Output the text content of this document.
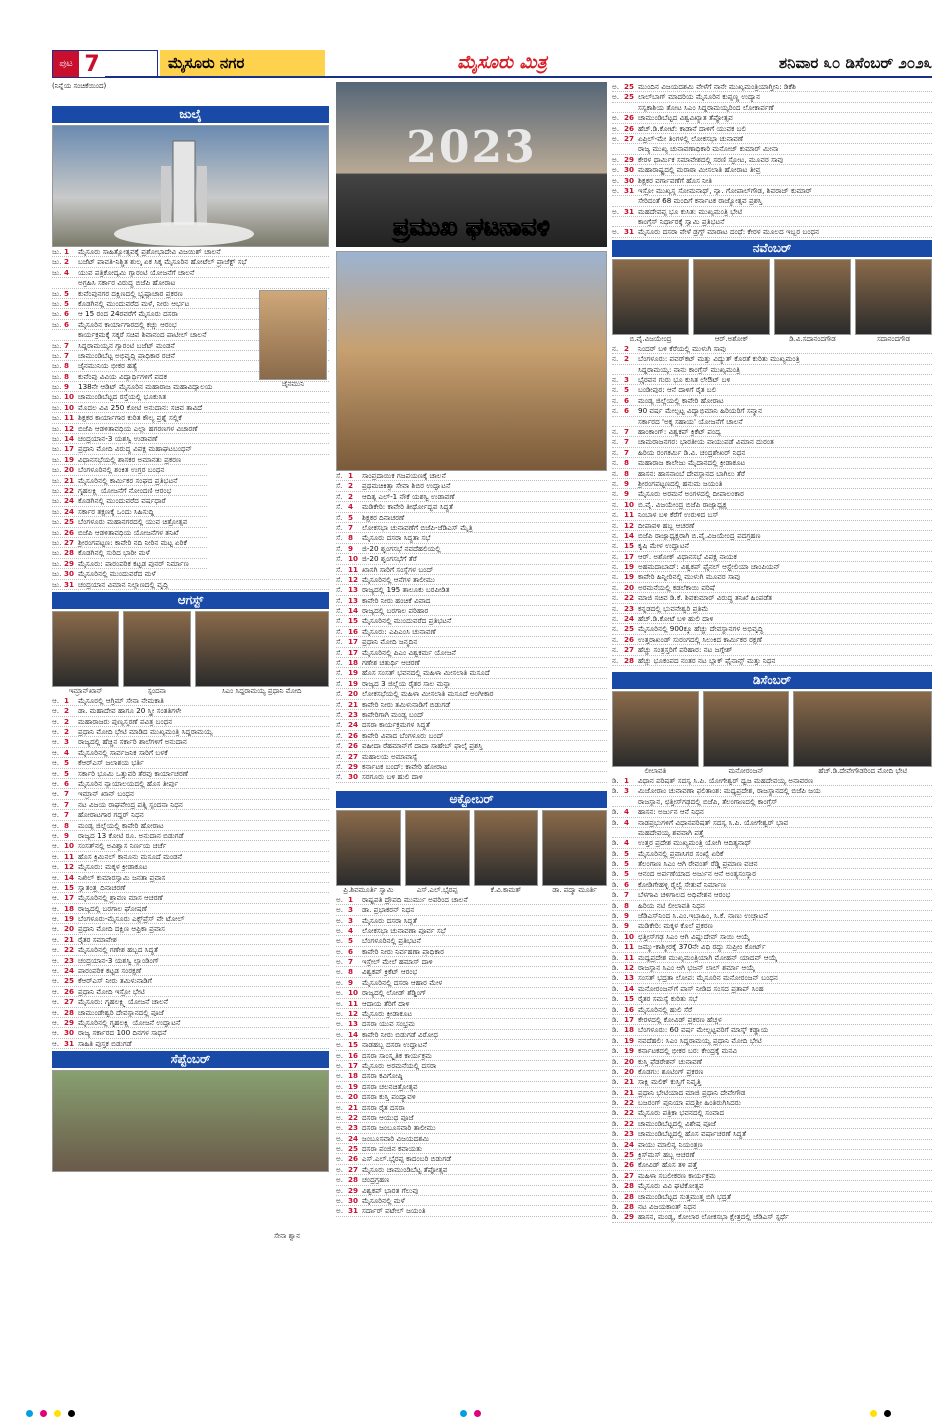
ಪುಟ 7	ಮೈಸೂರು ನಗರ	ಮೈಸೂರು ಮಿತ್ರ	ಶನಿವಾರ ೩೦ ಡಿಸೆಂಬರ್ ೨೦೨೩
(ನಿನ್ನೆಯ ಸಂಚಿಕೆಯಿಂದ)
ಜುಲೈ
ಜು. 1 ಮೈಸೂರು ಸಾಹಿತ್ಯೋತ್ಸವಕ್ಕೆ ಪ್ರಶೋಭಾದೇವಿ ವಿಜಯಿಶ್ ಚಾಲನೆ
ಜು. 2 ಬಜೆಟ್ ಪಾವತಿ-ನಿಶ್ಚಿತ ಶುಲ್ಕ ಏಕ ಸಿಕ್ಕ ಮೈಸೂರಿನ ಹೋಟೆಲ್ ಪ್ರಾಜೆಕ್ಟ್ ಸಭೆ
ಜು. 4 ಯುವ ಪತ್ರಿಕೋದ್ಯಮಿ ಗ್ಯಾರಂಟಿ ಯೋಜನೆಗೆ ಚಾಲನೆ
ಅಗ್ರಹಿಸಿ ಸರ್ಕಾರ ವಿರುದ್ಧ ಬಿಜೆಪಿ ಹೋರಾಟ
ಜು. 5 ಕುವೆಂಪುನಗರ ದಕ್ಷಿಣದಲ್ಲಿ ಭೃಷ್ಟಾಚಾರ ಪ್ರಕರಣ
ಜು. 5 ಕೊಡಗಿನಲ್ಲಿ ಮುಂದುವರೆದ ಮಳೆ, ನೀರು ಆರ್ಭಟ
ಜು. 6 ಆ 15 ರಂದ 24ರವರೆಗೆ ಮೈಸೂರು ದಸರಾ
ಜು. 6 ಮೈಸೂರಿನ ಕಾರ್ಯಾಗಾರದಲ್ಲಿ ಕಚ್ಚು ಆರಂಭ
ಕಾರ್ಯಕ್ರಮಕ್ಕೆ ಸಕ್ಕರೆ ಸಚಿವ ಶಿವಾನಂದ ಪಾಟೀಲ್ ಚಾಲನೆ
ಜು. 7 ಸಿದ್ದರಾಮಯ್ಯನ ಗ್ಯಾರಂಟಿ ಬಜೆಟ್ ಮಂಡನೆ
ಜು. 7 ಚಾಮುಂಡಿಬೆಟ್ಟ ಅಭಿವೃದ್ಧಿ ಪ್ರಾಧಿಕಾರ ರಚನೆ
ಜು. 8 ಜೈನಮುನಿಯ ಭೀಕರ ಹತ್ಯೆ
ಜು. 8 ಕುವೆಂಪು ವಿವಿಯ ವಿದ್ಯಾರ್ಥಿಗಳಿಗೆ ಪದಕ
ಜು. 9 138ನೇ ಆಡಿಟ್ ಮೈಸೂರಿನ ಮಹಾರಾಜ ಮಹಾವಿದ್ಯಾಲಯ
ಜು. 10 ಚಾಮುಂಡಿಬೆಟ್ಟದ ರಸ್ತೆಯಲ್ಲಿ ಭೂಕುಸಿತ
ಜು. 10 ಮೊದಲ ವಿವಿ 250 ಕೋಟಿ ಅನುದಾನ: ಸಚಿವ ತಾವಿದೆ
ಜು. 11 ಶಿಕ್ಷಕರ ಕಾರ್ಯಾಗಾರ ಕುರಿತ ಕೌಲ್ಯ ಪ್ರಶ್ನೆ ಸಲ್ಲಿಕೆ
ಜು. 12 ಬಿಜೆಪಿ ಆಡಳಿತಾವಧಿಯ ಎಲ್ಲಾ ಹಗರಣಗಳ ವಿಚಾರಣೆ
ಜು. 14 ಚಂದ್ರಯಾನ-3 ಯಶಸ್ವಿ ಉಡಾವಣೆ
ಜು. 17 ಪ್ರಧಾನಿ ಮೋದಿ ವಿರುದ್ಧ ವಿಪಕ್ಷ ಮಹಾಘಟಬಂಧನ್
ಜು. 19 ವಿಧಾನಸಭೆಯಲ್ಲಿ ಶಾಸಕರ ಅಮಾನತು ಪ್ರಕರಣ
ಜು. 20 ಬೆಂಗಳೂರಿನಲ್ಲಿ ಶಂಕಿತ ಉಗ್ರರ ಬಂಧನ
ಜು. 21 ಮೈಸೂರಿನಲ್ಲಿ ಕಾರ್ಮಿಕರ ಸಂಘದ ಪ್ರತಿಭಟನೆ
ಜು. 22 ಗೃಹಲಕ್ಷ್ಮಿ ಯೋಜನೆಗೆ ನೋಂದಣಿ ಆರಂಭ
ಜು. 24 ಕೊಡಗಿನಲ್ಲಿ ಮುಂದುವರೆದ ವರ್ಷಧಾರೆ
ಜು. 24 ಸರ್ಕಾರ ತಕ್ಷಣಕ್ಕೆ ಒಂದು ಸಿಹಿಸುದ್ದಿ
ಜು. 25 ಬೆಂಗಳೂರು ಮಹಾನಗರದಲ್ಲಿ ಯುವ ಚಿತ್ರೋತ್ಸವ
ಜು. 26 ಬಿಜೆಪಿ ಆಡಳಿತಾವಧಿಯ ಯೋಜನೆಗಳ ತನಿಖೆ
ಜು. 27 ಶ್ರೀರಂಗಪಟ್ಟಣ: ಕಾವೇರಿ ನದಿ ನೀರಿನ ಮಟ್ಟ ಏರಿಕೆ
ಜು. 28 ಕೊಡಗಿನಲ್ಲಿ ಸುರಿದ ಭಾರೀ ಮಳೆ
ಜು. 29 ಮೈಸೂರು: ಪಾರಂಪರಿಕ ಕಟ್ಟಡ ಪುನರ್ ನಿರ್ಮಾಣ
ಜು. 30 ಮೈಸೂರಿನಲ್ಲಿ ಮುಂದುವರೆದ ಮಳೆ
ಜು. 31 ಚಂದ್ರಯಾನ ವಿಮಾನ ನಿಲ್ದಾಣದಲ್ಲಿ ವೃದ್ಧಿ
ಜೈನಮುನಿ
ಆಗಸ್ಟ್
ಇಮ್ರಾನ್‌ಖಾನ್	ಸ್ಪಂದನಾ	ಸಿಎಂ ಸಿದ್ದರಾಮಯ್ಯ ಪ್ರಧಾನಿ ಮೋದಿ
ಆ. 1 ಮೈಸೂರಲ್ಲಿ ಆಗ್ರಿಮ್ ಸೇನಾ ನೇಮಕಾತಿ
ಆ. 2 ಡಾ. ಮಹಾದೇವ ಹಾಗೂ 20 ಸ್ತ್ರೀ ಸಂತತಿಗಳೇ
ಆ. 2 ಮಹಾರಾಜರು ಪುಣ್ಯಸ್ಮರಣೆ ಪವಿತ್ರ ಬಂಧನ
ಆ. 2 ಪ್ರಧಾನಿ ಮೋದಿ ಭೇಟಿ ಮಾಡಿದ ಮುಖ್ಯಮಂತ್ರಿ ಸಿದ್ದರಾಮಯ್ಯ
ಆ. 3 ರಾಜ್ಯದಲ್ಲಿ ಹೆಚ್ಚಿನ ಸರ್ಕಾರಿ ಶಾಲೆಗಳಿಗೆ ಅನುದಾನ
ಆ. 4 ಮೈಸೂರಿನಲ್ಲಿ ಸಾರ್ವಜನಿಕ ಸಾರಿಗೆ ಬಳಕೆ
ಆ. 5 ಕೆಆರ್‌ಎಸ್ ಜಲಾಶಯ ಭರ್ತಿ
ಆ. 5 ಸರ್ಕಾರಿ ಭೂಮಿ ಒತ್ತುವರಿ ತೆರವು ಕಾರ್ಯಾಚರಣೆ
ಆ. 6 ಮೈಸೂರಿನ ನ್ಯಾಯಾಲಯದಲ್ಲಿ ಹೊಸ ತೀರ್ಪು
ಆ. 7 ಇಮ್ರಾನ್ ಖಾನ್ ಬಂಧನ
ಆ. 7 ನಟ ವಿಜಯ ರಾಘವೇಂದ್ರ ಪತ್ನಿ ಸ್ಪಂದನಾ ನಿಧನ
ಆ. 7 ಹೋರಾಟಗಾರ ಗದ್ದರ್ ನಿಧನ
ಆ. 8 ಮಂಡ್ಯ ಜಿಲ್ಲೆಯಲ್ಲಿ ಕಾವೇರಿ ಹೋರಾಟ
ಆ. 9 ರಾಜ್ಯದ 13 ಕೋಟಿ ರೂ. ಅನುದಾನ ಬಿಡುಗಡೆ
ಆ. 10 ಸಂಸತ್‌ನಲ್ಲಿ ಅವಿಶ್ವಾಸ ನಿರ್ಣಯ ಚರ್ಚೆ
ಆ. 11 ಹೊಸ ಕ್ರಿಮಿನಲ್ ಕಾನೂನು ಮಸೂದೆ ಮಂಡನೆ
ಆ. 12 ಮೈಸೂರು: ಮಕ್ಕಳ ಕ್ರೀಡಾಕೂಟ
ಆ. 14 ನಿಖಿಲ್ ಕುಮಾರಸ್ವಾಮಿ ಜನತಾ ಪ್ರವಾಸ
ಆ. 15 ಸ್ವಾತಂತ್ರ್ಯ ದಿನಾಚರಣೆ
ಆ. 17 ಮೈಸೂರಿನಲ್ಲಿ ಶ್ರಾವಣ ಮಾಸ ಆಚರಣೆ
ಆ. 18 ರಾಜ್ಯದಲ್ಲಿ ಬರಗಾಲ ಘೋಷಣೆ
ಆ. 19 ಬೆಂಗಳೂರು-ಮೈಸೂರು ಎಕ್ಸ್‌ಪ್ರೆಸ್ ವೇ ಟೋಲ್
ಆ. 20 ಪ್ರಧಾನಿ ಮೋದಿ ದಕ್ಷಿಣ ಆಫ್ರಿಕಾ ಪ್ರವಾಸ
ಆ. 21 ರೈತರ ಸಮಾವೇಶ
ಆ. 22 ಮೈಸೂರಿನಲ್ಲಿ ಗಣೇಶ ಹಬ್ಬದ ಸಿದ್ಧತೆ
ಆ. 23 ಚಂದ್ರಯಾನ-3 ಯಶಸ್ವಿ ಲ್ಯಾಂಡಿಂಗ್
ಆ. 24 ಪಾರಂಪರಿಕ ಕಟ್ಟಡ ಸಂರಕ್ಷಣೆ
ಆ. 25 ಕೆಆರ್‌ಎಸ್ ನೀರು ತಮಿಳುನಾಡಿಗೆ
ಆ. 26 ಪ್ರಧಾನಿ ಮೋದಿ ಇಸ್ರೋ ಭೇಟಿ
ಆ. 27 ಮೈಸೂರು: ಗೃಹಲಕ್ಷ್ಮಿ ಯೋಜನೆ ಚಾಲನೆ
ಆ. 28 ಚಾಮುಂಡೇಶ್ವರಿ ದೇವಸ್ಥಾನದಲ್ಲಿ ಪೂಜೆ
ಆ. 29 ಮೈಸೂರಿನಲ್ಲಿ ಗೃಹಲಕ್ಷ್ಮಿ ಯೋಜನೆ ಉದ್ಘಾಟನೆ
ಆ. 30 ರಾಜ್ಯ ಸರ್ಕಾರದ 100 ದಿನಗಳ ಸಾಧನೆ
ಆ. 31 ಸಾಹಿತಿ ಪುಸ್ತಕ ಬಿಡುಗಡೆ
ಸೇನಾ ಶ್ವಾನ
ಸೆಪ್ಟೆಂಬರ್
2023
ಪ್ರಮುಖ ಘಟನಾವಳಿ
ಸೆ. 1 ಸಾಂಪ್ರದಾಯಿಕ ಗಜಪಯಣಕ್ಕೆ ಚಾಲನೆ
ಸೆ. 2 ಪ್ರಥಮಚಿಕಿತ್ಸಾ ಸೇವಾ ಶಿಬಿರ ಉದ್ಘಾಟನೆ
ಸೆ. 2 ಆದಿತ್ಯ ಎಲ್-1 ನೌಕೆ ಯಶಸ್ವಿ ಉಡಾವಣೆ
ಸೆ. 4 ಮಡಿಕೇರಿ: ಕಾವೇರಿ ತೀರ್ಥೋದ್ಭವ ಸಿದ್ಧತೆ
ಸೆ. 5 ಶಿಕ್ಷಕರ ದಿನಾಚರಣೆ
ಸೆ. 7 ಲೋಕಸಭಾ ಚುನಾವಣೆಗೆ ಬಿಜೆಪಿ-ಜೆಡಿಎಸ್ ಮೈತ್ರಿ
ಸೆ. 8 ಮೈಸೂರು ದಸರಾ ಸಿದ್ಧತಾ ಸಭೆ
ಸೆ. 9 ಜಿ-20 ಶೃಂಗಸಭೆ ನವದೆಹಲಿಯಲ್ಲಿ
ಸೆ. 10 ಜಿ-20 ಶೃಂಗಸಭೆಗೆ ತೆರೆ
ಸೆ. 11 ಖಾಸಗಿ ಸಾರಿಗೆ ಸಂಸ್ಥೆಗಳ ಬಂದ್
ಸೆ. 12 ಮೈಸೂರಿನಲ್ಲಿ ಆನೆಗಳ ತಾಲೀಮು
ಸೆ. 13 ರಾಜ್ಯದಲ್ಲಿ 195 ತಾಲೂಕು ಬರಪೀಡಿತ
ಸೆ. 13 ಕಾವೇರಿ ನೀರು ಹಂಚಿಕೆ ವಿವಾದ
ಸೆ. 14 ರಾಜ್ಯದಲ್ಲಿ ಬರಗಾಲ ಪರಿಹಾರ
ಸೆ. 15 ಮೈಸೂರಿನಲ್ಲಿ ಮುಂದುವರೆದ ಪ್ರತಿಭಟನೆ
ಸೆ. 16 ಮೈಸೂರು: ಎಪಿಎಂಸಿ ಚುನಾವಣೆ
ಸೆ. 17 ಪ್ರಧಾನಿ ಮೋದಿ ಜನ್ಮದಿನ
ಸೆ. 17 ಮೈಸೂರಿನಲ್ಲಿ ಪಿಎಂ ವಿಶ್ವಕರ್ಮ ಯೋಜನೆ
ಸೆ. 18 ಗಣೇಶ ಚತುರ್ಥಿ ಆಚರಣೆ
ಸೆ. 19 ಹೊಸ ಸಂಸತ್ ಭವನದಲ್ಲಿ ಮಹಿಳಾ ಮೀಸಲಾತಿ ಮಸೂದೆ
ಸೆ. 19 ರಾಜ್ಯದ 3 ಜಿಲ್ಲೆಯ ರೈತರ ಸಾಲ ಮನ್ನಾ
ಸೆ. 20 ಲೋಕಸಭೆಯಲ್ಲಿ ಮಹಿಳಾ ಮೀಸಲಾತಿ ಮಸೂದೆ ಅಂಗೀಕಾರ
ಸೆ. 21 ಕಾವೇರಿ ನೀರು ತಮಿಳುನಾಡಿಗೆ ಬಿಡುಗಡೆ
ಸೆ. 23 ಕಾವೇರಿಗಾಗಿ ಮಂಡ್ಯ ಬಂದ್
ಸೆ. 24 ದಸರಾ ಕಾರ್ಯಕ್ರಮಗಳ ಸಿದ್ಧತೆ
ಸೆ. 26 ಕಾವೇರಿ ವಿವಾದ ಬೆಂಗಳೂರು ಬಂದ್
ಸೆ. 26 ವಹೀದಾ ರೆಹಮಾನ್‌ಗೆ ದಾದಾ ಸಾಹೇಬ್ ಫಾಲ್ಕೆ ಪ್ರಶಸ್ತಿ
ಸೆ. 27 ಮಹಾಲಯ ಅಮಾವಾಸ್ಯೆ
ಸೆ. 29 ಕರ್ನಾಟಕ ಬಂದ್: ಕಾವೇರಿ ಹೋರಾಟ
ಸೆ. 30 ಸರಗೂರು ಬಳಿ ಹುಲಿ ದಾಳಿ
ಅಕ್ಟೋಬರ್
ಪ್ರಿ.ಶಿವಮೂರ್ತಿ ಸ್ವಾಮಿ	ಎಸ್.ಎಲ್.ಭೈರಪ್ಪ	ಕೆ.ವಿ.ಕಾಮತ್	ಡಾ. ಪದ್ಮಾ ಮೂರ್ತಿ
ಅ. 1 ರಾಷ್ಟ್ರಪತಿ ದ್ರೌಪದಿ ಮುರ್ಮು ಅವರಿಂದ ಚಾಲನೆ
ಅ. 3 ಡಾ. ಪ್ರಭಾಕರನ್ ನಿಧನ
ಅ. 3 ಮೈಸೂರು ದಸರಾ ಸಿದ್ಧತೆ
ಅ. 4 ಲೋಕಸಭಾ ಚುನಾವಣಾ ಪೂರ್ವ ಸಭೆ
ಅ. 5 ಬೆಂಗಳೂರಿನಲ್ಲಿ ಪ್ರತಿಭಟನೆ
ಅ. 6 ಕಾವೇರಿ ನೀರು ನಿರ್ವಹಣಾ ಪ್ರಾಧಿಕಾರ
ಅ. 7 ಇಸ್ರೇಲ್ ಮೇಲೆ ಹಮಾಸ್ ದಾಳಿ
ಅ. 8 ವಿಶ್ವಕಪ್ ಕ್ರಿಕೆಟ್ ಆರಂಭ
ಅ. 9 ಮೈಸೂರಿನಲ್ಲಿ ದಸರಾ ಆಹಾರ ಮೇಳ
ಅ. 10 ರಾಜ್ಯದಲ್ಲಿ ಲೋಡ್ ಶೆಡ್ಡಿಂಗ್
ಅ. 11 ಆದಾಯ ತೆರಿಗೆ ದಾಳಿ
ಅ. 12 ಮೈಸೂರು ಕ್ರೀಡಾಕೂಟ
ಅ. 13 ದಸರಾ ಯುವ ಸಂಭ್ರಮ
ಅ. 14 ಕಾವೇರಿ ನೀರು ಬಿಡುಗಡೆ ವಿರೋಧ
ಅ. 15 ನಾಡಹಬ್ಬ ದಸರಾ ಉದ್ಘಾಟನೆ
ಅ. 16 ದಸರಾ ಸಾಂಸ್ಕೃತಿಕ ಕಾರ್ಯಕ್ರಮ
ಅ. 17 ಮೈಸೂರು ಅರಮನೆಯಲ್ಲಿ ದಸರಾ
ಅ. 18 ದಸರಾ ಕವಿಗೋಷ್ಠಿ
ಅ. 19 ದಸರಾ ಚಲನಚಿತ್ರೋತ್ಸವ
ಅ. 20 ದಸರಾ ಕುಸ್ತಿ ಪಂದ್ಯಾವಳಿ
ಅ. 21 ದಸರಾ ರೈತ ದಸರಾ
ಅ. 22 ದಸರಾ ಆಯುಧ ಪೂಜೆ
ಅ. 23 ದಸರಾ ಜಂಬೂಸವಾರಿ ತಾಲೀಮು
ಅ. 24 ಜಂಬೂಸವಾರಿ ವಿಜಯದಶಮಿ
ಅ. 25 ದಸರಾ ಪಂಜಿನ ಕವಾಯತು
ಅ. 26 ಎಸ್.ಎಲ್.ಭೈರಪ್ಪ ಕಾದಂಬರಿ ಬಿಡುಗಡೆ
ಅ. 27 ಮೈಸೂರು ಚಾಮುಂಡಿಬೆಟ್ಟ ತೆಪ್ಪೋತ್ಸವ
ಅ. 28 ಚಂದ್ರಗ್ರಹಣ
ಅ. 29 ವಿಶ್ವಕಪ್ ಭಾರತ ಗೆಲುವು
ಅ. 30 ಮೈಸೂರಿನಲ್ಲಿ ಮಳೆ
ಅ. 31 ಸರ್ದಾರ್ ಪಟೇಲ್ ಜಯಂತಿ
ಅ. 25 ಮುಂದಿನ ವಿಜಯದಶಮಿ ವೇಳೆಗೆ ನಾನೇ ಮುಖ್ಯಮಂತ್ರಿಯಾಗ್ತೀನಿ: ಡಿಕೆಶಿ
ಅ. 25 ಲಾಲ್‌ಬಾಗ್ ಮಾದರಿಯ ಮೈಸೂರಿನ ಕುಪ್ಪಣ್ಣ ಉದ್ಯಾನ
ಸಸ್ಯಕಾಶಿಯ ತೋಟ ಸಿಎಂ ಸಿದ್ದರಾಮಯ್ಯರಿಂದ ಲೋಕಾರ್ಪಣೆ
ಅ. 26 ಚಾಮುಂಡಿಬೆಟ್ಟದ ವಿಶ್ವವಿಖ್ಯಾತ ತೆಪ್ಪೋತ್ಸವ
ಅ. 26 ಹೆಚ್.ಡಿ.ಕೋಟೆ: ಕಾಡಾನೆ ದಾಳಿಗೆ ಯುವಕ ಬಲಿ
ಅ. 27 ಏಪ್ರಿಲ್-ಮೇ ತಿಂಗಳಲ್ಲಿ ಲೋಕಸಭಾ ಚುನಾವಣೆ
ರಾಜ್ಯ ಮುಖ್ಯ ಚುನಾವಣಾಧಿಕಾರಿ ಮನೋಜ್ ಕುಮಾರ್ ಮೀನಾ
ಅ. 29 ಕೇರಳ ಧಾರ್ಮಿಕ ಸಮಾವೇಶದಲ್ಲಿ ಸರಣಿ ಸ್ಫೋಟ, ಮೂವರ ಸಾವು
ಅ. 30 ಮಹಾರಾಷ್ಟ್ರದಲ್ಲಿ ಮರಾಠಾ ಮೀಸಲಾತಿ ಹೋರಾಟ ತೀವ್ರ
ಅ. 30 ಶಿಕ್ಷಕರ ವರ್ಗಾವಣೆಗೆ ಹೊಸ ನೀತಿ
ಅ. 31 ಇಸ್ರೋ ಮುಖ್ಯಸ್ಥ ಸೋಮನಾಥ್, ನ್ಯಾ. ಗೋಪಾಲ್‌ಗೌಡ, ಶಿವರಾಜ್ ಕುಮಾರ್
ಸೇರಿದಂತೆ 68 ಮಂದಿಗೆ ಕರ್ನಾಟಕ ರಾಜ್ಯೋತ್ಸವ ಪ್ರಶಸ್ತಿ
ಅ. 31 ಮಹದೇವಪ್ಪ ಭೂ ಕುಸಿತ: ಮುಖ್ಯಮಂತ್ರಿ ಭೇಟಿ
ಕಾಂಗ್ರೆಸ್ ನಿರ್ಧಾರಕ್ಕೆ ಸ್ವಾಮಿ ಪ್ರತಿಭಟನೆ
ಅ. 31 ಮೈಸೂರು ದಸರಾ ವೇಳೆ ಡ್ರಗ್ಸ್ ಮಾರಾಟ ದಂಧೆ: ಕೇರಳ ಮೂಲದ ಇಬ್ಬರ ಬಂಧನ
ನವೆಂಬರ್
ಬಿ.ವೈ.ವಿಜಯೇಂದ್ರ	ಆರ್.ಅಶೋಕ್	ಡಿ.ವಿ.ಸದಾನಂದಗೌಡ	ಸದಾನಂದಗೌಡ
ನ. 2 ನಿಂದರ್ ಬಳಿ ಕೆರೆಯಲ್ಲಿ ಮುಳುಗಿ ಸಾವು
ನ. 2 ಬೆಂಗಳೂರು: ಪವರ್‌ಕಟ್ ಮತ್ತು ವಿದ್ಯುತ್ ಕೊರತೆ ಕುರಿತು ಮುಖ್ಯಮಂತ್ರಿ
ಸಿದ್ದರಾಮಯ್ಯ: ನಾನು ಕಾಂಗ್ರೆಸ್ ಮುಖ್ಯಮಂತ್ರಿ
ನ. 3 ಭೈರವನ ಗುರು ಭೂ ಕುಸಿತ ಲೇಔಟ್ ಬಳಿ
ನ. 5 ಬಂಡೀಪುರ: ಆನೆ ದಾಳಿಗೆ ರೈತ ಬಲಿ
ನ. 6 ಮಂಡ್ಯ ಜಿಲ್ಲೆಯಲ್ಲಿ ಕಾವೇರಿ ಹೋರಾಟ
ನ. 6 90 ವರ್ಷ ಮೇಲ್ಪಟ್ಟ ವಿದ್ಯಾಭಿಮಾನಿ ಹಿರಿಯರಿಗೆ ಸನ್ಮಾನ
ಸರ್ಕಾರದ 'ಅಕ್ಕ ಸಹಾಯ' ಯೋಜನೆಗೆ ಚಾಲನೆ
ನ. 7 ಹಾಂಕಾಂಗ್: ವಿಶ್ವಕಪ್ ಕ್ರಿಕೆಟ್ ಪಂದ್ಯ
ನ. 7 ಚಾಮರಾಜನಗರ: ಭಾರತೀಯ ವಾಯುಪಡೆ ವಿಮಾನ ದುರಂತ
ನ. 7 ಹಿರಿಯ ರಂಗಕರ್ಮಿ ಡಿ.ವಿ. ಚಂದ್ರಶೇಖರ್ ನಿಧನ
ನ. 8 ಮಹಾರಾಜ ಕಾಲೇಜು ಮೈದಾನದಲ್ಲಿ ಕ್ರೀಡಾಕೂಟ
ನ. 8 ಹಾಸನ: ಹಾಸನಾಂಬೆ ದೇವಸ್ಥಾನದ ಬಾಗಿಲು ತೆರೆ
ನ. 9 ಶ್ರೀರಂಗಪಟ್ಟಣದಲ್ಲಿ ಹನುಮ ಜಯಂತಿ
ನ. 9 ಮೈಸೂರು ಅರಮನೆ ಅಂಗಳದಲ್ಲಿ ದೀಪಾಲಂಕಾರ
ನ. 10 ಬಿ.ವೈ. ವಿಜಯೇಂದ್ರ ಬಿಜೆಪಿ ರಾಜ್ಯಾಧ್ಯಕ್ಷ
ನ. 11 ನಿಂಬಾಳ ಬಳಿ ಕೆರೆಗೆ ಉರುಳಿದ ಬಸ್
ನ. 12 ದೀಪಾವಳಿ ಹಬ್ಬ ಆಚರಣೆ
ನ. 14 ಬಿಜೆಪಿ ರಾಜ್ಯಾಧ್ಯಕ್ಷರಾಗಿ ಬಿ.ವೈ.ವಿಜಯೇಂದ್ರ ಪದಗ್ರಹಣ
ನ. 15 ಕೃಷಿ ಮೇಳ ಉದ್ಘಾಟನೆ
ನ. 17 ಆರ್. ಅಶೋಕ್ ವಿಧಾನಸಭೆ ವಿಪಕ್ಷ ನಾಯಕ
ನ. 19 ಅಹಮದಾಬಾದ್: ವಿಶ್ವಕಪ್ ಫೈನಲ್ ಆಸ್ಟ್ರೇಲಿಯಾ ಚಾಂಪಿಯನ್
ನ. 19 ಕಾವೇರಿ ಹಿನ್ನೀರಿನಲ್ಲಿ ಮುಳುಗಿ ಮೂವರ ಸಾವು
ನ. 20 ಅರಮನೆಯಲ್ಲಿ ಕಡಲೆಕಾಯಿ ಪರಿಷೆ
ನ. 22 ಮಾಜಿ ಸಚಿವ ಡಿ.ಕೆ. ಶಿವಕುಮಾರ್ ವಿರುದ್ಧ ತನಿಖೆ ಹಿಂಪಡೆತ
ನ. 23 ಕನ್ನಡದಲ್ಲಿ ಭುವನೇಶ್ವರಿ ಪ್ರತಿಮೆ
ನ. 24 ಹೆಚ್.ಡಿ.ಕೋಟೆ ಬಳಿ ಹುಲಿ ದಾಳಿ
ನ. 25 ಮೈಸೂರಿನಲ್ಲಿ 900ಕ್ಕೂ ಹೆಚ್ಚು ದೇವಸ್ಥಾನಗಳ ಅಭಿವೃದ್ಧಿ
ನ. 26 ಉತ್ತರಾಖಂಡ್ ಸುರಂಗದಲ್ಲಿ ಸಿಲುಕಿದ ಕಾರ್ಮಿಕರ ರಕ್ಷಣೆ
ನ. 27 ಹೆಚ್ಚು ಸಂತ್ರಸ್ತರಿಗೆ ಪರಿಹಾರ: ನಟ ಜಗ್ಗೇಶ್
ನ. 28 ಹೆಚ್ಚು ಭೂಕಂಪದ ನಂತರ ನಟ ಬ್ಲಾಕ್ ಫೈನಾನ್ಸ್ ಮತ್ತು ನಿಧನ
ಡಿಸೆಂಬರ್
ಲೀಲಾವತಿ	ಮನೋರಂಜನ್	ಹೆಚ್.ಡಿ.ದೇವೇಗೌಡರಿಂದ ಮೋದಿ ಭೇಟಿ
ಡಿ. 1 ವಿಧಾನ ಪರಿಷತ್ ಸದಸ್ಯ ಸಿ.ಪಿ. ಯೋಗೇಶ್ವರ್ ಧ್ವಜ ಮಹದೇವಯ್ಯ ಅನಾವರಣ
ಡಿ. 3 ಮಿಜೋರಾಂ ಚುನಾವಣಾ ಫಲಿತಾಂಶ: ಮಧ್ಯಪ್ರದೇಶ, ರಾಜಸ್ಥಾನದಲ್ಲಿ ಬಿಜೆಪಿ ಜಯ
ರಾಜಸ್ಥಾನ, ಛತ್ತೀಸ್‌ಗಢದಲ್ಲಿ ಬಿಜೆಪಿ, ತೆಲಂಗಾಣದಲ್ಲಿ ಕಾಂಗ್ರೆಸ್
ಡಿ. 4 ಹಾಸನ: ಅರ್ಜುನ ಆನೆ ನಿಧನ
ಡಿ. 4 ನಾಡಪ್ರಭುಗಳಿಗೆ ವಿಧಾನಪರಿಷತ್ ಸದಸ್ಯ ಸಿ.ಪಿ. ಯೋಗೇಶ್ವರ್ ಭಾವ
ಮಹದೇವಯ್ಯ ಶವವಾಗಿ ಪತ್ತೆ
ಡಿ. 4 ಉತ್ತರ ಪ್ರದೇಶ ಮುಖ್ಯಮಂತ್ರಿ ಯೋಗಿ ಆದಿತ್ಯನಾಥ್
ಡಿ. 5 ಮೈಸೂರಿನಲ್ಲಿ ಪ್ರವಾಸಿಗರ ಸಂಖ್ಯೆ ಏರಿಕೆ
ಡಿ. 5 ತೆಲಂಗಾಣ ಸಿಎಂ ಆಗಿ ರೇವಂತ್ ರೆಡ್ಡಿ ಪ್ರಮಾಣ ವಚನ
ಡಿ. 5 ಆನಂದ ಅರ್ಪಣೆಯಾದ ಅರ್ಜುನ ಆನೆ ಅಂತ್ಯಸಂಸ್ಕಾರ
ಡಿ. 6 ಕೋಡಿಗೇಹಳ್ಳಿ ರೈಲ್ವೆ ಸೇತುವೆ ನಿರ್ಮಾಣ
ಡಿ. 7 ಬೆಳಗಾವಿ ಚಳಿಗಾಲದ ಅಧಿವೇಶನ ಆರಂಭ
ಡಿ. 8 ಹಿರಿಯ ನಟಿ ಲೀಲಾವತಿ ನಿಧನ
ಡಿ. 9 ಜೆಡಿಎಸ್‌ನಿಂದ ಸಿ.ಎಂ.ಇಬ್ರಾಹಿಂ, ಸಿ.ಕೆ. ನಾಣು ಉಚ್ಛಾಟನೆ
ಡಿ. 9 ಮಡಿಕೇರಿ: ಮಕ್ಕಳ ಕೊಲೆ ಪ್ರಕರಣ
ಡಿ. 10 ಛತ್ತೀಸ್‌ಗಢ ಸಿಎಂ ಆಗಿ ವಿಷ್ಣುದೇವ್ ಸಾಯಿ ಆಯ್ಕೆ
ಡಿ. 11 ಜಮ್ಮು-ಕಾಶ್ಮೀರಕ್ಕೆ 370ನೇ ವಿಧಿ ರದ್ದು ಸುಪ್ರೀಂ ಕೋರ್ಟ್
ಡಿ. 11 ಮಧ್ಯಪ್ರದೇಶ ಮುಖ್ಯಮಂತ್ರಿಯಾಗಿ ಮೋಹನ್ ಯಾದವ್ ಆಯ್ಕೆ
ಡಿ. 12 ರಾಜಸ್ಥಾನ ಸಿಎಂ ಆಗಿ ಭಜನ್ ಲಾಲ್ ಶರ್ಮಾ ಆಯ್ಕೆ
ಡಿ. 13 ಸಂಸತ್ ಭದ್ರತಾ ಲೋಪ: ಮೈಸೂರಿನ ಮನೋರಂಜನ್ ಬಂಧನ
ಡಿ. 14 ಮನೋರಂಜನ್‌ಗೆ ಪಾಸ್ ನೀಡಿದ ಸಂಸದ ಪ್ರತಾಪ್ ಸಿಂಹ
ಡಿ. 15 ರೈತರ ಸಮಸ್ಯೆ ಕುರಿತು ಸಭೆ
ಡಿ. 16 ಮೈಸೂರಿನಲ್ಲಿ ಹುಲಿ ಸೆರೆ
ಡಿ. 17 ಕೇರಳದಲ್ಲಿ ಕೋವಿಡ್ ಪ್ರಕರಣ ಹೆಚ್ಚಳ
ಡಿ. 18 ಬೆಂಗಳೂರು: 60 ವರ್ಷ ಮೇಲ್ಪಟ್ಟವರಿಗೆ ಮಾಸ್ಕ್ ಕಡ್ಡಾಯ
ಡಿ. 19 ನವದೆಹಲಿ: ಸಿಎಂ ಸಿದ್ದರಾಮಯ್ಯ ಪ್ರಧಾನಿ ಮೋದಿ ಭೇಟಿ
ಡಿ. 19 ಕರ್ನಾಟಕದಲ್ಲಿ ಭೀಕರ ಬರ: ಕೇಂದ್ರಕ್ಕೆ ಮನವಿ
ಡಿ. 20 ಕುಸ್ತಿ ಫೆಡರೇಶನ್ ಚುನಾವಣೆ
ಡಿ. 20 ಕೊಡಗು: ಶೂಟಿಂಗ್ ಪ್ರಕರಣ
ಡಿ. 21 ಸಾಕ್ಷಿ ಮಲಿಕ್ ಕುಸ್ತಿಗೆ ನಿವೃತ್ತಿ
ಡಿ. 21 ಪ್ರಧಾನಿ ಭೇಟಿಯಾದ ಮಾಜಿ ಪ್ರಧಾನಿ ದೇವೇಗೌಡ
ಡಿ. 22 ಬಜರಂಗ್ ಪುನಿಯಾ ಪದ್ಮಶ್ರೀ ಹಿಂತಿರುಗಿಸಿದರು
ಡಿ. 22 ಮೈಸೂರು ಪತ್ರಿಕಾ ಭವನದಲ್ಲಿ ಸಂವಾದ
ಡಿ. 22 ಚಾಮುಂಡಿಬೆಟ್ಟದಲ್ಲಿ ವಿಶೇಷ ಪೂಜೆ
ಡಿ. 23 ಚಾಮುಂಡಿಬೆಟ್ಟದಲ್ಲಿ ಹೊಸ ವರ್ಷಾಚರಣೆ ಸಿದ್ಧತೆ
ಡಿ. 24 ವಾಯು ಮಾಲಿನ್ಯ ನಿಯಂತ್ರಣ
ಡಿ. 25 ಕ್ರಿಸ್‌ಮಸ್ ಹಬ್ಬ ಆಚರಣೆ
ಡಿ. 26 ಕೋವಿಡ್ ಹೊಸ ತಳಿ ಪತ್ತೆ
ಡಿ. 27 ಮಹಿಳಾ ಸಬಲೀಕರಣ ಕಾರ್ಯಕ್ರಮ
ಡಿ. 28 ಮೈಸೂರು ವಿವಿ ಘಟಿಕೋತ್ಸವ
ಡಿ. 28 ಚಾಮುಂಡಿಬೆಟ್ಟದ ಸುತ್ತಮುತ್ತ ಬಿಗಿ ಭದ್ರತೆ
ಡಿ. 28 ನಟ ವಿಜಯಕಾಂತ್ ನಿಧನ
ಡಿ. 29 ಹಾಸನ, ಮಂಡ್ಯ, ಕೋಲಾರ ಲೋಕಸಭಾ ಕ್ಷೇತ್ರದಲ್ಲಿ ಜೆಡಿಎಸ್ ಸ್ಪರ್ಧೆ
